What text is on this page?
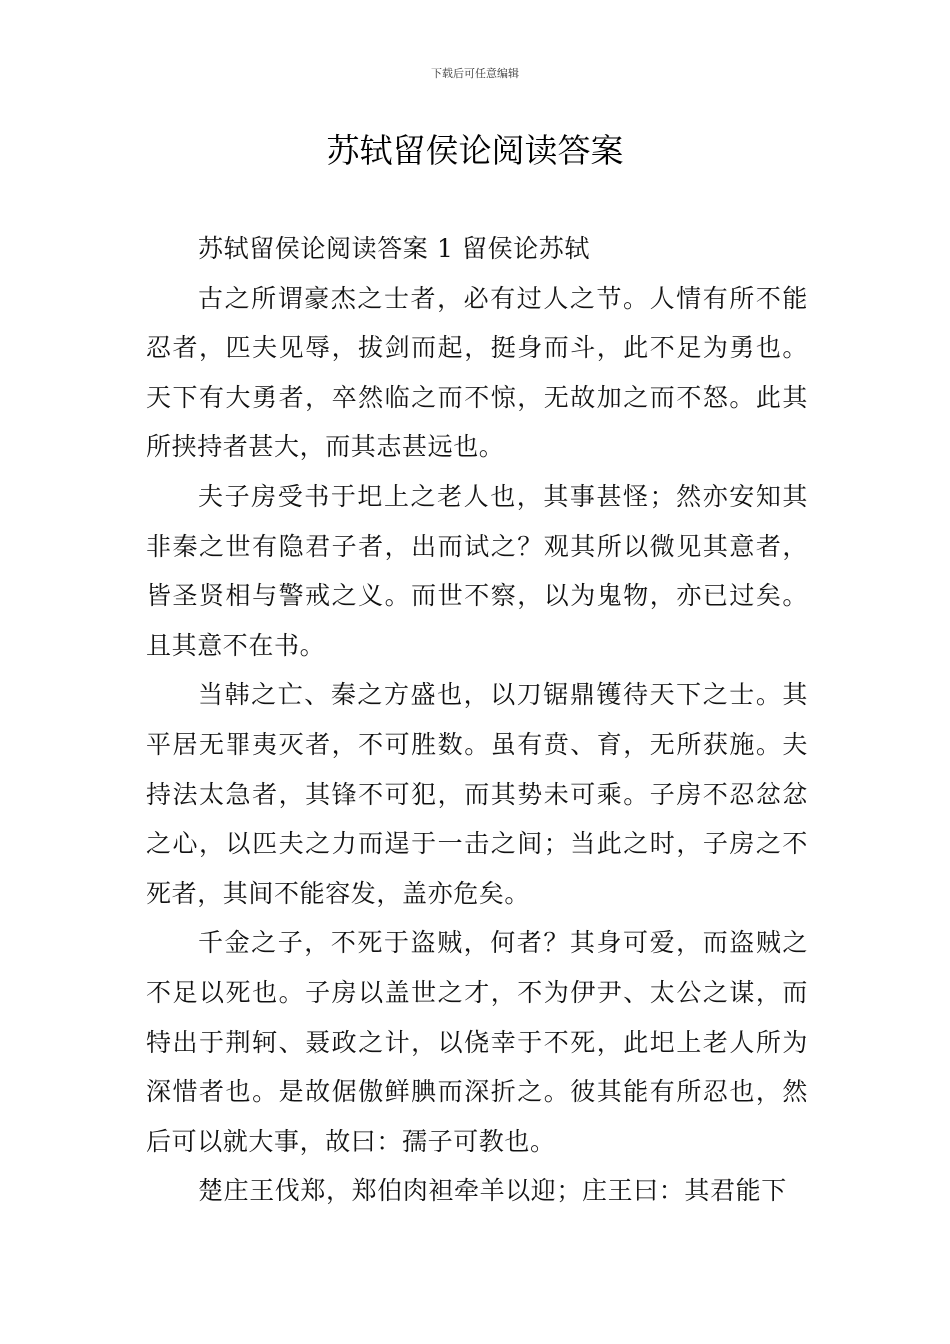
下载后可任意编辑
苏轼留侯论阅读答案

苏轼留侯论阅读答案 1 留侯论苏轼

古之所谓豪杰之士者，必有过人之节。人情有所不能忍者，匹夫见辱，拔剑而起，挺身而斗，此不足为勇也。天下有大勇者，卒然临之而不惊，无故加之而不怒。此其所挟持者甚大，而其志甚远也。

夫子房受书于圯上之老人也，其事甚怪；然亦安知其非秦之世有隐君子者，出而试之？观其所以微见其意者，皆圣贤相与警戒之义。而世不察，以为鬼物，亦已过矣。且其意不在书。

当韩之亡、秦之方盛也，以刀锯鼎镬待天下之士。其平居无罪夷灭者，不可胜数。虽有贲、育，无所获施。夫持法太急者，其锋不可犯，而其势未可乘。子房不忍忿忿之心，以匹夫之力而逞于一击之间；当此之时，子房之不死者，其间不能容发，盖亦危矣。

千金之子，不死于盗贼，何者？其身可爱，而盗贼之不足以死也。子房以盖世之才，不为伊尹、太公之谋，而特出于荆轲、聂政之计，以侥幸于不死，此圯上老人所为深惜者也。是故倨傲鲜腆而深折之。彼其能有所忍也，然后可以就大事，故曰：孺子可教也。

楚庄王伐郑，郑伯肉袒牵羊以迎；庄王曰：其君能下
